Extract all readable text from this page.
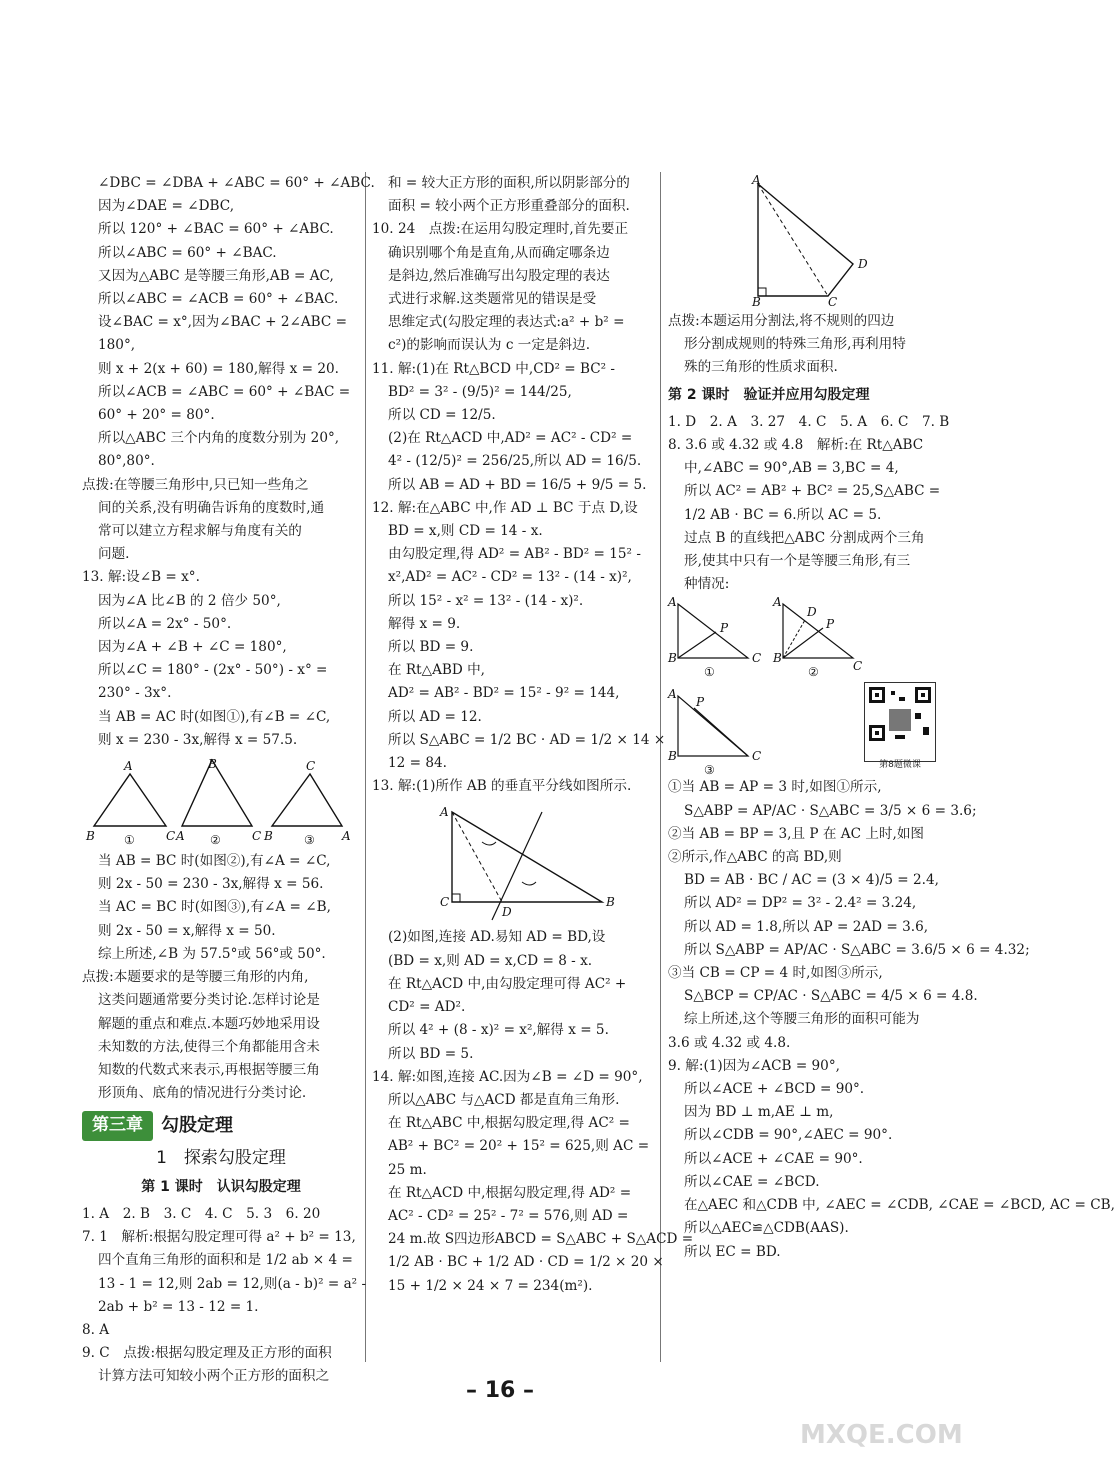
∠DBC = ∠DBA + ∠ABC = 60° + ∠ABC.
因为∠DAE = ∠DBC,
所以 120° + ∠BAC = 60° + ∠ABC.
所以∠ABC = 60° + ∠BAC.
又因为△ABC 是等腰三角形,AB = AC,
所以∠ABC = ∠ACB = 60° + ∠BAC.
设∠BAC = x°,因为∠BAC + 2∠ABC =
180°,
则 x + 2(x + 60) = 180,解得 x = 20.
所以∠ACB = ∠ABC = 60° + ∠BAC =
60° + 20° = 80°.
所以△ABC 三个内角的度数分别为 20°,
80°,80°.
点拨:在等腰三角形中,只已知一些角之
间的关系,没有明确告诉角的度数时,通
常可以建立方程求解与角度有关的
问题.
13. 解:设∠B = x°.
因为∠A 比∠B 的 2 倍少 50°,
所以∠A = 2x° - 50°.
因为∠A + ∠B + ∠C = 180°,
所以∠C = 180° - (2x° - 50°) - x° =
230° - 3x°.
当 AB = AC 时(如图①),有∠B = ∠C,
则 x = 230 - 3x,解得 x = 57.5.
A
B	C
B
A	C
C
B	A
①	②	③
当 AB = BC 时(如图②),有∠A = ∠C,
则 2x - 50 = 230 - 3x,解得 x = 56.
当 AC = BC 时(如图③),有∠A = ∠B,
则 2x - 50 = x,解得 x = 50.
综上所述,∠B 为 57.5°或 56°或 50°.
点拨:本题要求的是等腰三角形的内角,
这类问题通常要分类讨论.怎样讨论是
解题的重点和难点.本题巧妙地采用设
未知数的方法,使得三个角都能用含未
知数的代数式来表示,再根据等腰三角
形顶角、底角的情况进行分类讨论.
第三章	勾股定理
1　探索勾股定理
第 1 课时　认识勾股定理
1. A　2. B　3. C　4. C　5. 3　6. 20
7. 1　解析:根据勾股定理可得 a² + b² = 13,
四个直角三角形的面积和是 1/2 ab × 4 =
13 - 1 = 12,则 2ab = 12,则(a - b)² = a² -
2ab + b² = 13 - 12 = 1.
8. A
9. C　点拨:根据勾股定理及正方形的面积
计算方法可知较小两个正方形的面积之
和 = 较大正方形的面积,所以阴影部分的
面积 = 较小两个正方形重叠部分的面积.
10. 24　点拨:在运用勾股定理时,首先要正
确识别哪个角是直角,从而确定哪条边
是斜边,然后准确写出勾股定理的表达
式进行求解.这类题常见的错误是受
思维定式(勾股定理的表达式:a² + b² =
c²)的影响而误认为 c 一定是斜边.
11. 解:(1)在 Rt△BCD 中,CD² = BC² -
BD² = 3² - (9/5)² = 144/25,
所以 CD = 12/5.
(2)在 Rt△ACD 中,AD² = AC² - CD² =
4² - (12/5)² = 256/25,所以 AD = 16/5.
所以 AB = AD + BD = 16/5 + 9/5 = 5.
12. 解:在△ABC 中,作 AD ⊥ BC 于点 D,设
BD = x,则 CD = 14 - x.
由勾股定理,得 AD² = AB² - BD² = 15² -
x²,AD² = AC² - CD² = 13² - (14 - x)²,
所以 15² - x² = 13² - (14 - x)².
解得 x = 9.
所以 BD = 9.
在 Rt△ABD 中,
AD² = AB² - BD² = 15² - 9² = 144,
所以 AD = 12.
所以 S△ABC = 1/2 BC · AD = 1/2 × 14 ×
12 = 84.
13. 解:(1)所作 AB 的垂直平分线如图所示.
A
C	B
D
(2)如图,连接 AD.易知 AD = BD,设
(BD = x,则 AD = x,CD = 8 - x.
在 Rt△ACD 中,由勾股定理可得 AC² +
CD² = AD².
所以 4² + (8 - x)² = x²,解得 x = 5.
所以 BD = 5.
14. 解:如图,连接 AC.因为∠B = ∠D = 90°,
所以△ABC 与△ACD 都是直角三角形.
在 Rt△ABC 中,根据勾股定理,得 AC² =
AB² + BC² = 20² + 15² = 625,则 AC =
25 m.
在 Rt△ACD 中,根据勾股定理,得 AD² =
AC² - CD² = 25² - 7² = 576,则 AD =
24 m.故 S四边形ABCD = S△ABC + S△ACD =
1/2 AB · BC + 1/2 AD · CD = 1/2 × 20 ×
15 + 1/2 × 24 × 7 = 234(m²).
A
B	C
D
点拨:本题运用分割法,将不规则的四边
形分割成规则的特殊三角形,再利用特
殊的三角形的性质求面积.
第 2 课时　验证并应用勾股定理
1. D　2. A　3. 27　4. C　5. A　6. C　7. B
8. 3.6 或 4.32 或 4.8　解析:在 Rt△ABC
中,∠ABC = 90°,AB = 3,BC = 4,
所以 AC² = AB² + BC² = 25,S△ABC =
1/2 AB · BC = 6.所以 AC = 5.
过点 B 的直线把△ABC 分割成两个三角
形,使其中只有一个是等腰三角形,有三
种情况:
A
B	C
P
①
A
B
C
P
D
②
A
B	C
P
③	第8题微课
①当 AB = AP = 3 时,如图①所示,
S△ABP = AP/AC · S△ABC = 3/5 × 6 = 3.6;
②当 AB = BP = 3,且 P 在 AC 上时,如图
②所示,作△ABC 的高 BD,则
BD = AB · BC / AC = (3 × 4)/5 = 2.4,
所以 AD² = DP² = 3² - 2.4² = 3.24,
所以 AD = 1.8,所以 AP = 2AD = 3.6,
所以 S△ABP = AP/AC · S△ABC = 3.6/5 × 6 = 4.32;
③当 CB = CP = 4 时,如图③所示,
S△BCP = CP/AC · S△ABC = 4/5 × 6 = 4.8.
综上所述,这个等腰三角形的面积可能为
3.6 或 4.32 或 4.8.
9. 解:(1)因为∠ACB = 90°,
所以∠ACE + ∠BCD = 90°.
因为 BD ⊥ m,AE ⊥ m,
所以∠CDB = 90°,∠AEC = 90°.
所以∠ACE + ∠CAE = 90°.
所以∠CAE = ∠BCD.
在△AEC 和△CDB 中, ∠AEC = ∠CDB, ∠CAE = ∠BCD, AC = CB,
所以△AEC≌△CDB(AAS).
所以 EC = BD.
MXQE.COM
– 16 –
